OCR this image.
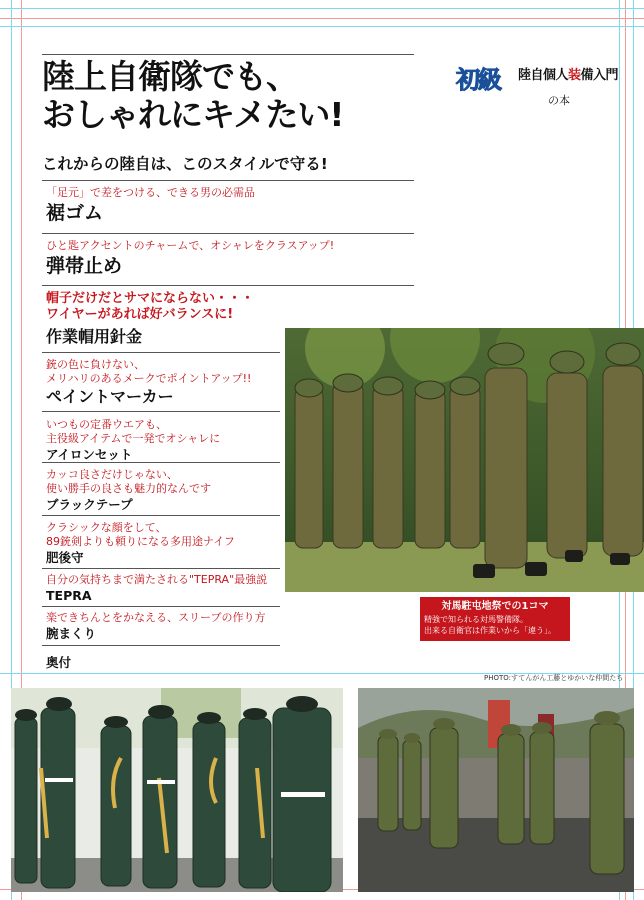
陸上自衛隊でも、
おしゃれにキメたい!

これからの陸自は、このスタイルで守る!

初級 陸自個人装備入門
の本
「足元」で差をつける、できる男の必需品
裾ゴム
ひと匙アクセントのチャームで、オシャレをクラスアップ!
弾帯止め
帽子だけだとサマにならない・・・
ワイヤーがあれば好バランスに!
作業帽用針金
銃の色に負けない、
メリハリのあるメークでポイントアップ!!
ペイントマーカー
いつもの定番ウエアも、
主役級アイテムで一発でオシャレに
アイロンセット
カッコ良さだけじゃない、
使い勝手の良さも魅力的なんです
ブラックテープ
クラシックな顔をして、
89銃剣よりも頼りになる多用途ナイフ
肥後守
自分の気持ちまで満たされる"TEPRA"最強説
TEPRA
楽できちんとをかなえる、スリーブの作り方
腕まくり
奥付
対馬駐屯地祭での1コマ
精強で知られる対馬警備隊。
出来る自衛官は作業いから「違う」。
PHOTO:すてんがん工藤とゆかいな仲間たち
